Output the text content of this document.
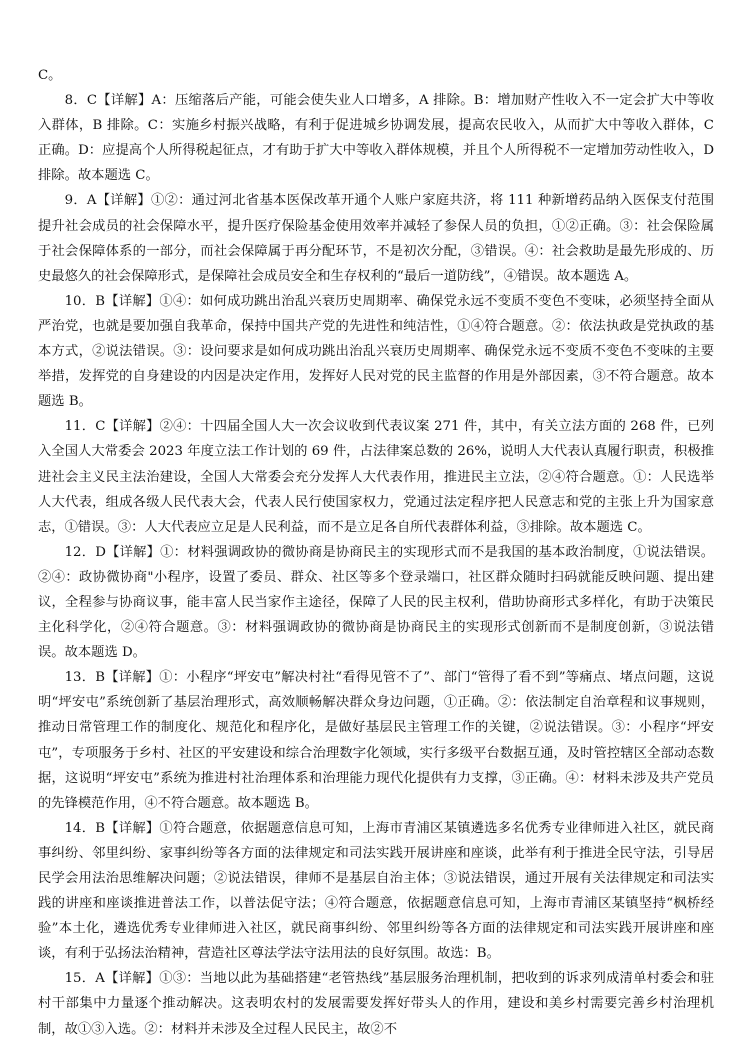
C。

8．C【详解】A：压缩落后产能，可能会使失业人口增多，A 排除。B：增加财产性收入不一定会扩大中等收入群体，B 排除。C：实施乡村振兴战略，有利于促进城乡协调发展，提高农民收入，从而扩大中等收入群体，C 正确。D：应提高个人所得税起征点，才有助于扩大中等收入群体规模，并且个人所得税不一定增加劳动性收入，D 排除。故本题选 C。

9．A【详解】①②：通过河北省基本医保改革开通个人账户家庭共济，将 111 种新增药品纳入医保支付范围提升社会成员的社会保障水平，提升医疗保险基金使用效率并减轻了参保人员的负担，①②正确。③：社会保险属于社会保障体系的一部分，而社会保障属于再分配环节，不是初次分配，③错误。④：社会救助是最先形成的、历史最悠久的社会保障形式，是保障社会成员安全和生存权利的“最后一道防线”，④错误。故本题选 A。

10．B【详解】①④：如何成功跳出治乱兴衰历史周期率、确保党永远不变质不变色不变味，必须坚持全面从严治党，也就是要加强自我革命，保持中国共产党的先进性和纯洁性，①④符合题意。②：依法执政是党执政的基本方式，②说法错误。③：设问要求是如何成功跳出治乱兴衰历史周期率、确保党永远不变质不变色不变味的主要举措，发挥党的自身建设的内因是决定作用，发挥好人民对党的民主监督的作用是外部因素，③不符合题意。故本题选 B。

11．C【详解】②④：十四届全国人大一次会议收到代表议案 271 件，其中，有关立法方面的 268 件，已列入全国人大常委会 2023 年度立法工作计划的 69 件，占法律案总数的 26%，说明人大代表认真履行职责，积极推进社会主义民主法治建设，全国人大常委会充分发挥人大代表作用，推进民主立法，②④符合题意。①：人民选举人大代表，组成各级人民代表大会，代表人民行使国家权力，党通过法定程序把人民意志和党的主张上升为国家意志，①错误。③：人大代表应立足是人民利益，而不是立足各自所代表群体利益，③排除。故本题选 C。

12．D【详解】①：材料强调政协的微协商是协商民主的实现形式而不是我国的基本政治制度，①说法错误。②④：政协微协商"小程序，设置了委员、群众、社区等多个登录端口，社区群众随时扫码就能反映问题、提出建议，全程参与协商议事，能丰富人民当家作主途径，保障了人民的民主权利，借助协商形式多样化，有助于决策民主化科学化，②④符合题意。③：材料强调政协的微协商是协商民主的实现形式创新而不是制度创新，③说法错误。故本题选 D。

13．B【详解】①：小程序“坪安屯”解决村社“看得见管不了”、部门“管得了看不到”等痛点、堵点问题，这说明“坪安屯”系统创新了基层治理形式，高效顺畅解决群众身边问题，①正确。②：依法制定自治章程和议事规则，推动日常管理工作的制度化、规范化和程序化，是做好基层民主管理工作的关键，②说法错误。③：小程序“坪安屯”，专项服务于乡村、社区的平安建设和综合治理数字化领域，实行多级平台数据互通，及时管控辖区全部动态数据，这说明“坪安屯”系统为推进村社治理体系和治理能力现代化提供有力支撑，③正确。④：材料未涉及共产党员的先锋模范作用，④不符合题意。故本题选 B。

14．B【详解】①符合题意，依据题意信息可知，上海市青浦区某镇遴选多名优秀专业律师进入社区，就民商事纠纷、邻里纠纷、家事纠纷等各方面的法律规定和司法实践开展讲座和座谈，此举有利于推进全民守法，引导居民学会用法治思维解决问题；②说法错误，律师不是基层自治主体；③说法错误，通过开展有关法律规定和司法实践的讲座和座谈推进普法工作，以普法促守法；④符合题意，依据题意信息可知，上海市青浦区某镇坚持“枫桥经验”本土化，遴选优秀专业律师进入社区，就民商事纠纷、邻里纠纷等各方面的法律规定和司法实践开展讲座和座谈，有利于弘扬法治精神，营造社区尊法学法守法用法的良好氛围。故选：B。

15．A【详解】①③：当地以此为基础搭建“老管热线”基层服务治理机制，把收到的诉求列成清单村委会和驻村干部集中力量逐个推动解决。这表明农村的发展需要发挥好带头人的作用，建设和美乡村需要完善乡村治理机制，故①③入选。②：材料并未涉及全过程人民民主，故②不
